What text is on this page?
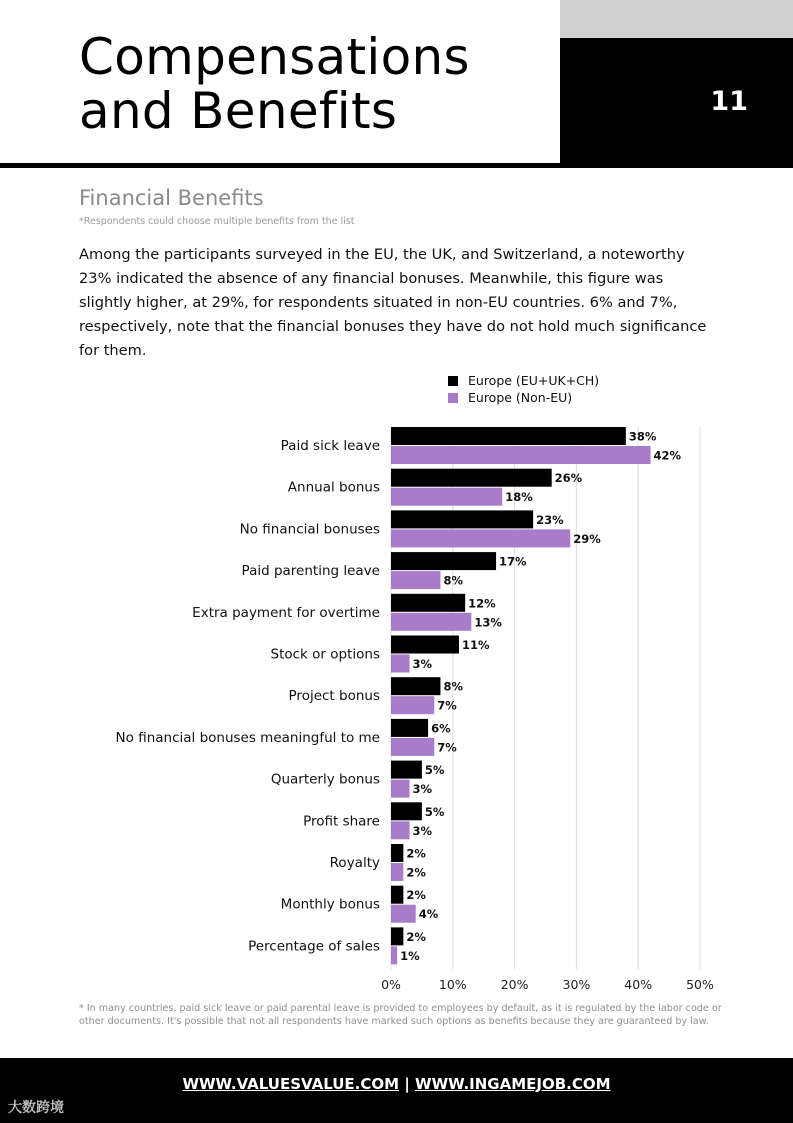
11
Compensations
and Benefits
Financial Benefits
*Respondents could choose multiple benefits from the list

Among the participants surveyed in the EU, the UK, and Switzerland, a noteworthy 23% indicated the absence of any financial bonuses. Meanwhile, this figure was slightly higher, at 29%, for respondents situated in non-EU countries. 6% and 7%, respectively, note that the financial bonuses they have do not hold much significance for them.

Europe (EU+UK+CH)
Europe (Non-EU)
0%	10%	20%	30%	40%	50%
Paid sick leave
38%
42%
Annual bonus
26%
18%
No financial bonuses
23%
29%
Paid parenting leave
17%
8%
Extra payment for overtime
12%
13%
Stock or options
11%
3%
Project bonus
8%
7%
No financial bonuses meaningful to me
6%
7%
Quarterly bonus
5%
3%
Profit share
5%
3%
Royalty
2%
2%
Monthly bonus
2%
4%
Percentage of sales
2%
1%

* In many countries, paid sick leave or paid parental leave is provided to employees by default, as it is regulated by the labor code or other documents. It's possible that not all respondents have marked such options as benefits because they are guaranteed by law.

WWW.VALUESVALUE.COM | WWW.INGAMEJOB.COM
大数跨境
